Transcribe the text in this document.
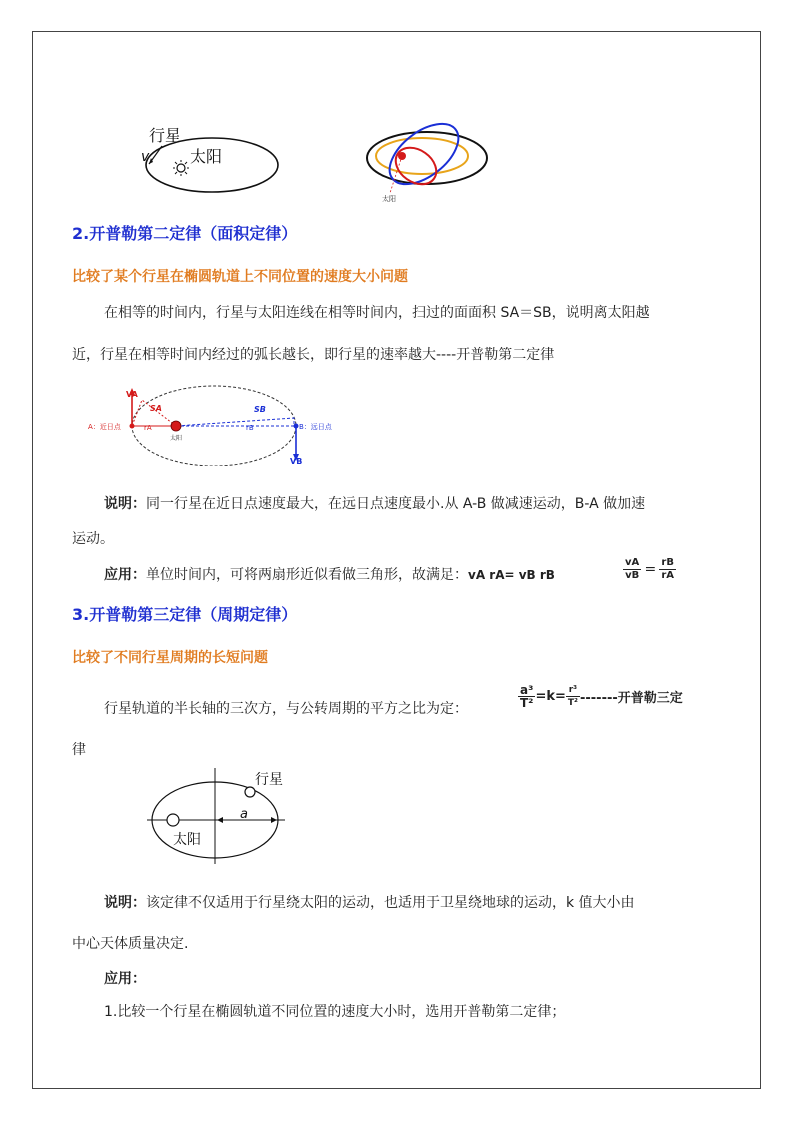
行星
v	太阳
太阳
2.开普勒第二定律（面积定律）
比较了某个行星在椭圆轨道上不同位置的速度大小问题
在相等的时间内，行星与太阳连线在相等时间内，扫过的面面积 SA＝SB，说明离太阳越
近，行星在相等时间内经过的弧长越长，即行星的速率越大----开普勒第二定律
VA
SA
rA
SB
rB
A：近日点	B：远日点
太阳
VB
说明：同一行星在近日点速度最大，在远日点速度最小.从 A-B 做减速运动，B-A 做加速
运动。
应用：单位时间内，可将两扇形近似看做三角形，故满足：vA rA= vB rB	$\frac{vA}{vB} = \frac{rB}{rA}$
3.开普勒第三定律（周期定律）
比较了不同行星周期的长短问题
行星轨道的半长轴的三次方，与公转周期的平方之比为定：	$\frac{\text{a³}}{\text{T²}} =k= \frac{\text{r³}}{\text{T²}}$ -------开普勒三定
律
行星
a
太阳
说明：该定律不仅适用于行星绕太阳的运动，也适用于卫星绕地球的运动，k 值大小由
中心天体质量决定.
应用：
1.比较一个行星在椭圆轨道不同位置的速度大小时，选用开普勒第二定律；
